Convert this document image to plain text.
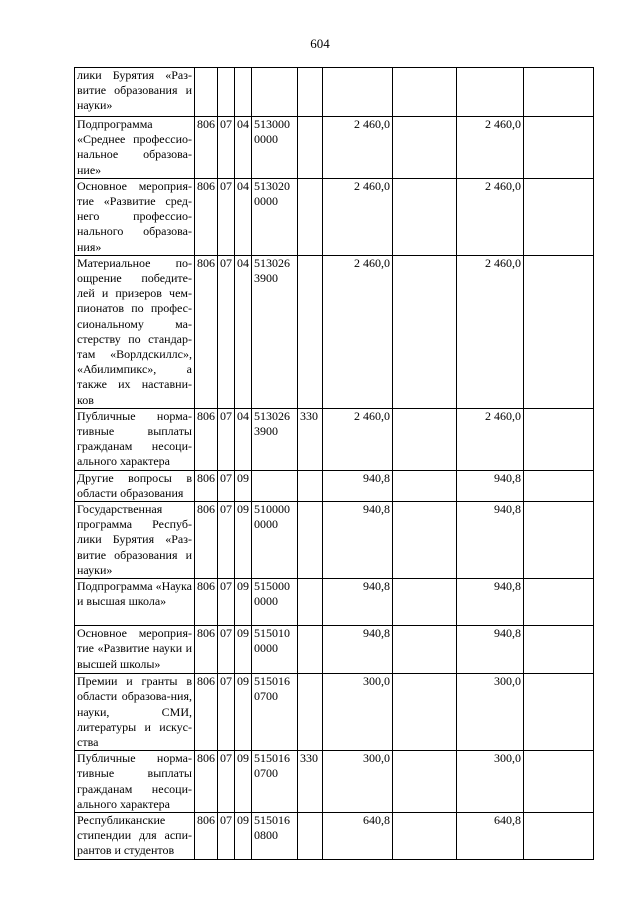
604
лики Бурятия «Раз-витие образования и науки»									
Подпрограмма «Среднее профессио-нальное образова-ние»	806	07	04	5130000000		2 460,0		2 460,0	
Основное мероприя-тие «Развитие сред-него профессио-нального образова-ния»	806	07	04	5130200000		2 460,0		2 460,0	
Материальное по-ощрение победите-лей и призеров чем-пионатов по профес-сиональному ма-стерству по стандар-там «Ворлдскиллс», «Абилимпикс», а также их наставни-ков	806	07	04	5130263900		2 460,0		2 460,0	
Публичные норма-тивные выплаты гражданам несоци-ального характера	806	07	04	5130263900	330	2 460,0		2 460,0	
Другие вопросы в области образования	806	07	09			940,8		940,8	
Государственная программа Респуб-лики Бурятия «Раз-витие образования и науки»	806	07	09	5100000000		940,8		940,8	
Подпрограмма «Наука и высшая школа»	806	07	09	5150000000		940,8		940,8	
Основное мероприя-тие «Развитие науки и высшей школы»	806	07	09	5150100000		940,8		940,8	
Премии и гранты в области образова-ния, науки, СМИ, литературы и искус-ства	806	07	09	5150160700		300,0		300,0	
Публичные норма-тивные выплаты гражданам несоци-ального характера	806	07	09	5150160700	330	300,0		300,0	
Республиканские стипендии для аспи-рантов и студентов	806	07	09	5150160800		640,8		640,8	
